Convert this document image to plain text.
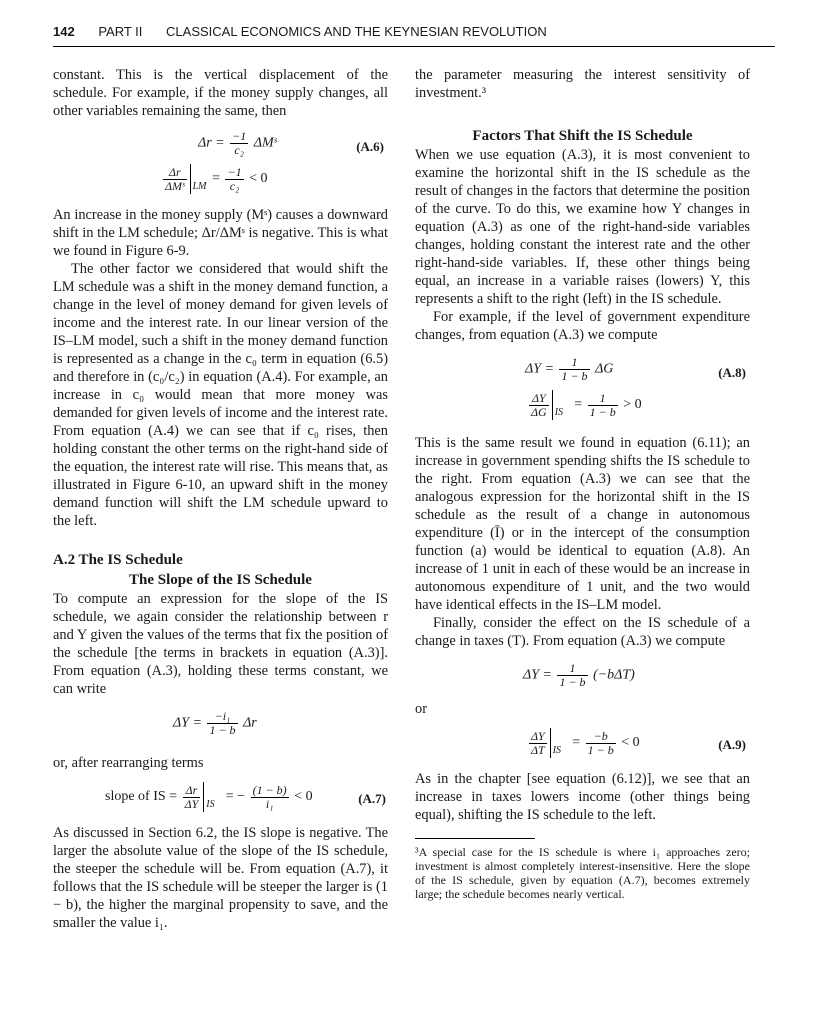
142 PART II CLASSICAL ECONOMICS AND THE KEYNESIAN REVOLUTION

constant. This is the vertical displacement of the schedule. For example, if the money supply changes, all other variables remaining the same, then

$\Delta r = \frac{-1}{\text{c₂}}$ ΔMˢ	(A.6)
$\frac{\Delta r}{\text{ΔMˢ}}$ LM
= $\frac{-1}{\text{c₂}} < 0$

An increase in the money supply (Mˢ) causes a downward shift in the LM schedule; Δr/ΔMˢ is negative. This is what we found in Figure 6-9.

The other factor we considered that would shift the LM schedule was a shift in the money demand function, a change in the level of money demand for given levels of income and the interest rate. In our linear version of the IS–LM model, such a shift in the money demand function is represented as a change in the c₀ term in equation (6.5) and therefore in (c₀/c₂) in equation (A.4). For example, an increase in c₀ would mean that more money was demanded for given levels of income and the interest rate. From equation (A.4) we can see that if c₀ rises, then holding constant the other terms on the right-hand side of the equation, the interest rate will rise. This means that, as illustrated in Figure 6-10, an upward shift in the money demand function will shift the LM schedule upward to the left.

A.2 The IS Schedule
The Slope of the IS Schedule

To compute an expression for the slope of the IS schedule, we again consider the relationship between r and Y given the values of the terms that fix the position of the schedule [the terms in brackets in equation (A.3)]. From equation (A.3), holding these terms constant, we can write

$\Delta Y = \frac{\text{−i₁}}{1 - b}$ Δr

or, after rearranging terms

slope of IS = $\frac{\Delta r}{\Delta Y}$ IS
= − $\frac{(1 - b)}{\text{i₁}} < 0$	(A.7)

As discussed in Section 6.2, the IS slope is negative. The larger the absolute value of the slope of the IS schedule, the steeper the schedule will be. From equation (A.7), it follows that the IS schedule will be steeper the larger is (1 − b), the higher the marginal propensity to save, and the smaller the value i₁.

the parameter measuring the interest sensitivity of investment.³

Factors That Shift the IS Schedule

When we use equation (A.3), it is most convenient to examine the horizontal shift in the IS schedule as the result of changes in the factors that determine the position of the curve. To do this, we examine how Y changes in equation (A.3) as one of the right-hand-side variables changes, holding constant the interest rate and the other right-hand-side variables. If, these other things being equal, an increase in a variable raises (lowers) Y, this represents a shift to the right (left) in the IS schedule.

For example, if the level of government expenditure changes, from equation (A.3) we compute

$\Delta Y = \frac{1}{1 - b}$ ΔG	(A.8)
$\frac{\Delta Y}{\Delta G}$ IS
= $\frac{1}{1 - b} > 0$

This is the same result we found in equation (6.11); an increase in government spending shifts the IS schedule to the right. From equation (A.3) we can see that the analogous expression for the horizontal shift in the IS schedule as the result of a change in autonomous expenditure (Ī) or in the intercept of the consumption function (a) would be identical to equation (A.8). An increase of 1 unit in each of these would be an increase in autonomous expenditure of 1 unit, and the two would have identical effects in the IS–LM model.

Finally, consider the effect on the IS schedule of a change in taxes (T). From equation (A.3) we compute

$\Delta Y = \frac{1}{1 - b} (-b\Delta T)$

or

$\frac{\Delta Y}{\Delta T}$ IS
= $\frac{-b}{1 - b} < 0$	(A.9)

As in the chapter [see equation (6.12)], we see that an increase in taxes lowers income (other things being equal), shifting the IS schedule to the left.

³A special case for the IS schedule is where i₁ approaches zero; investment is almost completely interest-insensitive. Here the slope of the IS schedule, given by equation (A.7), becomes extremely large; the schedule becomes nearly vertical.
